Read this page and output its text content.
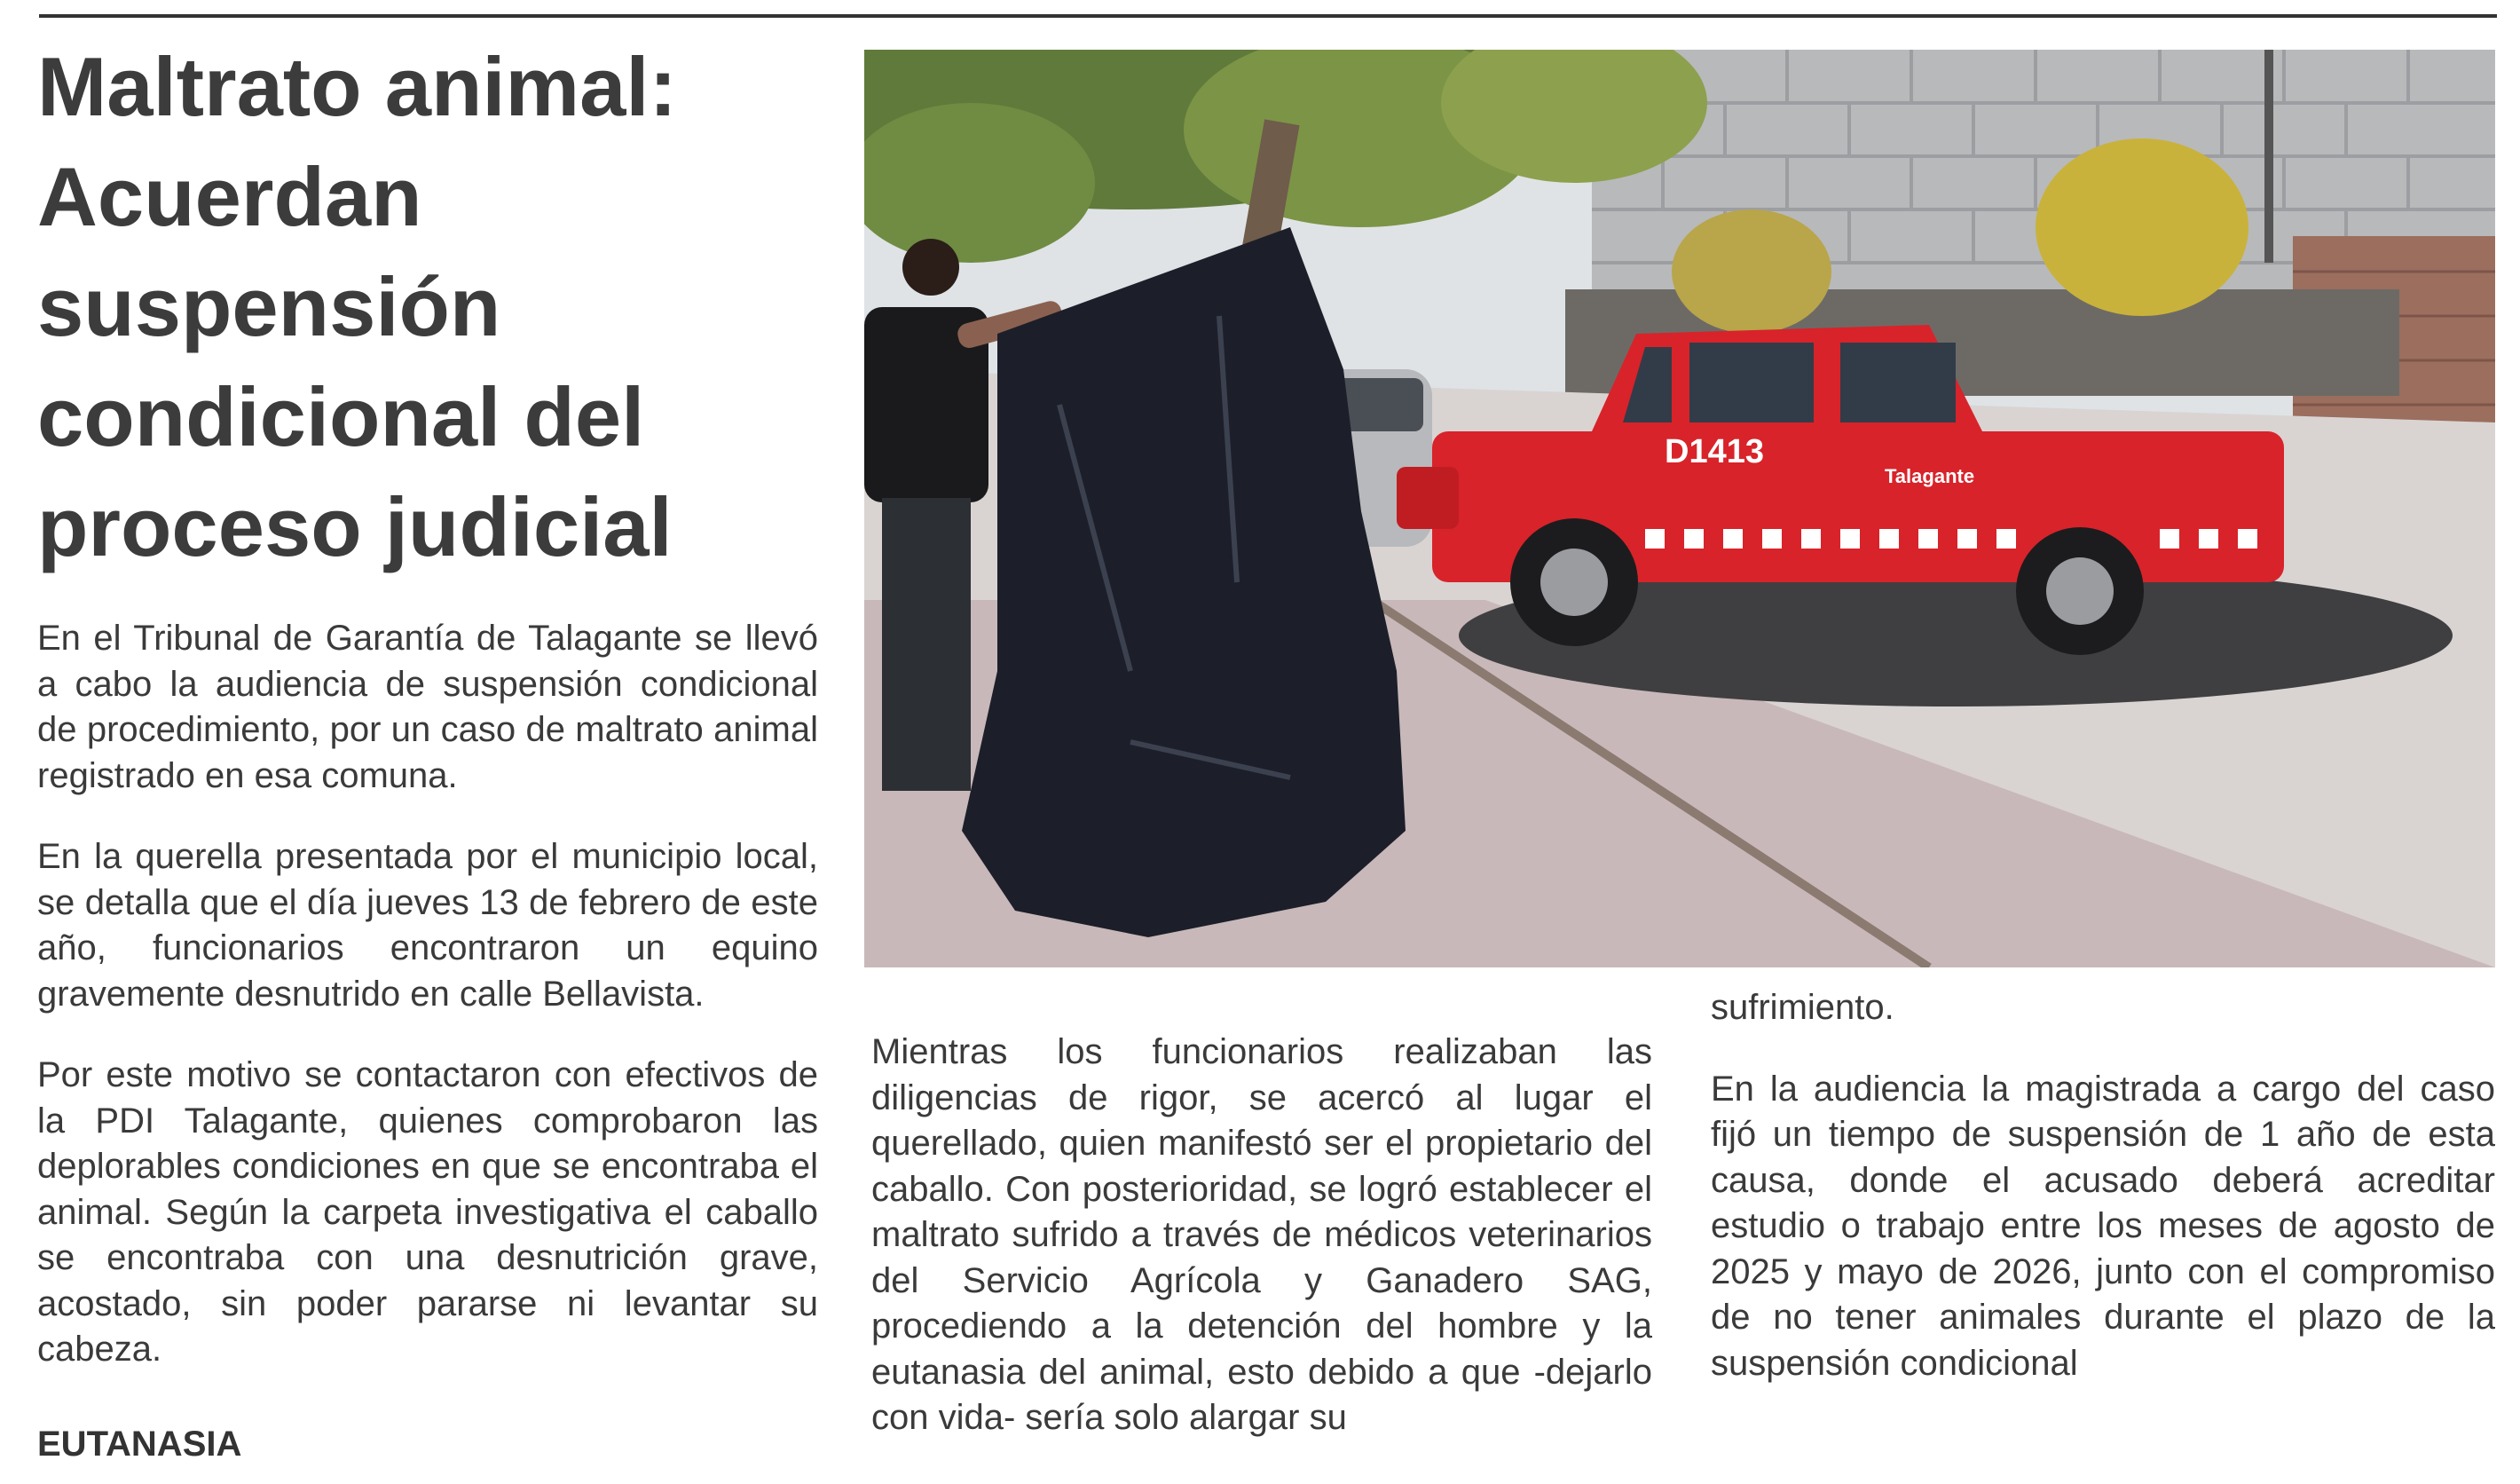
Maltrato animal: Acuerdan suspensión condicional del proceso judicial

En el Tribunal de Garantía de Talagante se llevó a cabo la audiencia de suspensión condicional de procedimiento, por un caso de maltrato animal registrado en esa comuna.

En la querella presentada por el municipio local, se detalla que el día jueves 13 de febrero de este año, funcionarios encontraron un equino gravemente desnutrido en calle Bellavista.

Por este motivo se contactaron con efectivos de la PDI Talagante, quienes comprobaron las deplorables condiciones en que se encontraba el animal. Según la carpeta investigativa el caballo se encontraba con una desnutrición grave, acostado, sin poder pararse ni levantar su cabeza.

EUTANASIA
D1413
Talagante

Mientras los funcionarios realizaban las diligencias de rigor, se acercó al lugar el querellado, quien manifestó ser el propietario del caballo. Con posterioridad, se logró establecer el maltrato sufrido a través de médicos veterinarios del Servicio Agrícola y Ganadero SAG, procediendo a la detención del hombre y la eutanasia del animal, esto debido a que -dejarlo con vida- sería solo alargar su

sufrimiento.

En la audiencia la magistrada a cargo del caso fijó un tiempo de suspensión de 1 año de esta causa, donde el acusado deberá acreditar estudio o trabajo entre los meses de agosto de 2025 y mayo de 2026, junto con el compromiso de no tener animales durante el plazo de la suspensión condicional
